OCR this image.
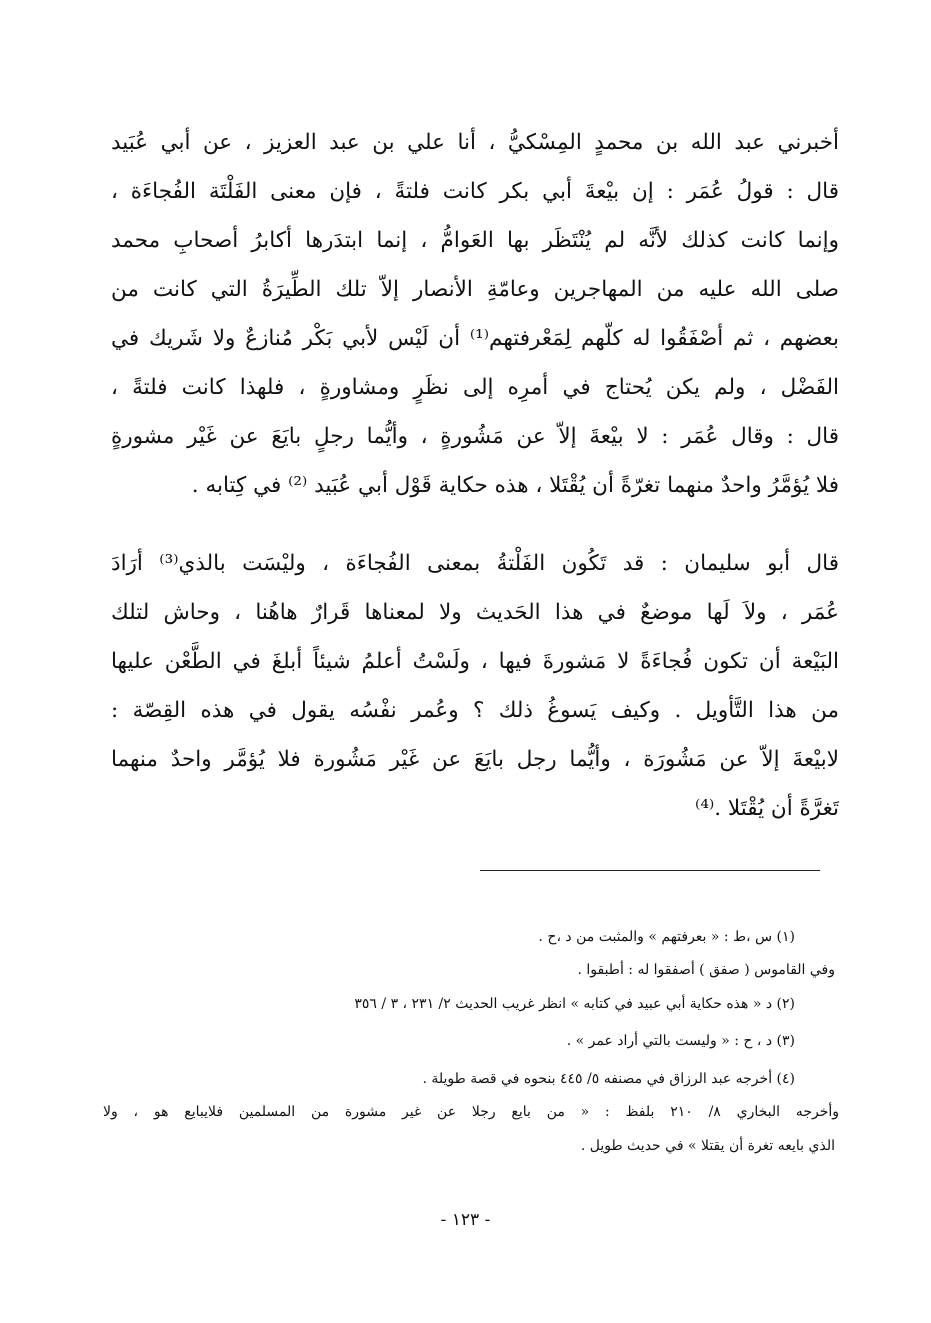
أخبرني عبد الله بن محمدٍ المِسْكيُّ ، أنا علي بن عبد العزيز ، عن أبي عُبَيد
قال : قولُ عُمَر : إن بيْعةَ أبي بكر كانت فلتةً ، فإن معنى الفَلْتَة الفُجاءَة ،
وإنما كانت كذلك لأنَّه لم يُنْتَظَر بها العَوامُّ ، إنما ابتدَرها أكابرُ أصحابِ محمد
صلى الله عليه من المهاجرين وعامّةِ الأنصار إلاّ تلك الطِّيرَةُ التي كانت من
بعضهم ، ثم أصْفَقُوا له كلّهم لِمَعْرفتهم⁽¹⁾ أن لَيْس لأبي بَكْر مُنازعٌ ولا شَريك في
الفَضْل ، ولم يكن يُحتاج في أمرِه إلى نظَرٍ ومشاورةٍ ، فلهذا كانت فلتةً ،
قال : وقال عُمَر : لا بيْعةَ إلاّ عن مَشُورةٍ ، وأيُّما رجلٍ بايَعَ عن غَيْر مشورةٍ
فلا يُؤمَّرُ واحدٌ منهما تغرّةً أن يُقْتَلا ، هذه حكاية قَوْل أبي عُبَيد ⁽²⁾ في كِتابه .
قال أبو سليمان : قد تَكُون الفَلْتةُ بمعنى الفُجاءَة ، وليْسَت بالذي⁽³⁾ أرَادَ
عُمَر ، ولاَ لَها موضعٌ في هذا الحَديث ولا لمعناها قَرارٌ هاهُنا ، وحاش لتلك
البَيْعة أن تكون فُجاءَةً لا مَشورةَ فيها ، ولَسْتُ أعلمُ شيئاً أبلغَ في الطَّعْن عليها
من هذا التَّأويل . وكيف يَسوغُ ذلك ؟ وعُمر نفْسُه يقول في هذه القِصّة :
لابيْعةَ إلاّ عن مَشُورَة ، وأيُّما رجل بايَعَ عن غَيْر مَشُورة فلا يُؤمَّر واحدٌ منهما
تَغرَّةً أن يُقْتَلا .⁽⁴⁾
(١) س ،ط : « بعرفتهم » والمثبت من د ،ح .
وفي القاموس ( صفق ) أصفقوا له : أطبقوا .
(٢) د « هذه حكاية أبي عبيد في كتابه » انظر غريب الحديث ٢/ ٢٣١ ، ٣ / ٣٥٦
(٣) د ، ح : « وليست بالتي أراد عمر » .
(٤) أخرجه عبد الرزاق في مصنفه ٥/ ٤٤٥ بنحوه في قصة طويلة .
وأخرجه البخاري ٨/ ٢١٠ بلفظ : « من بايع رجلا عن غير مشورة من المسلمين فلايبايع هو ، ولا
الذي بايعه تغرة أن يقتلا » في حديث طويل .
- ١٢٣ -
